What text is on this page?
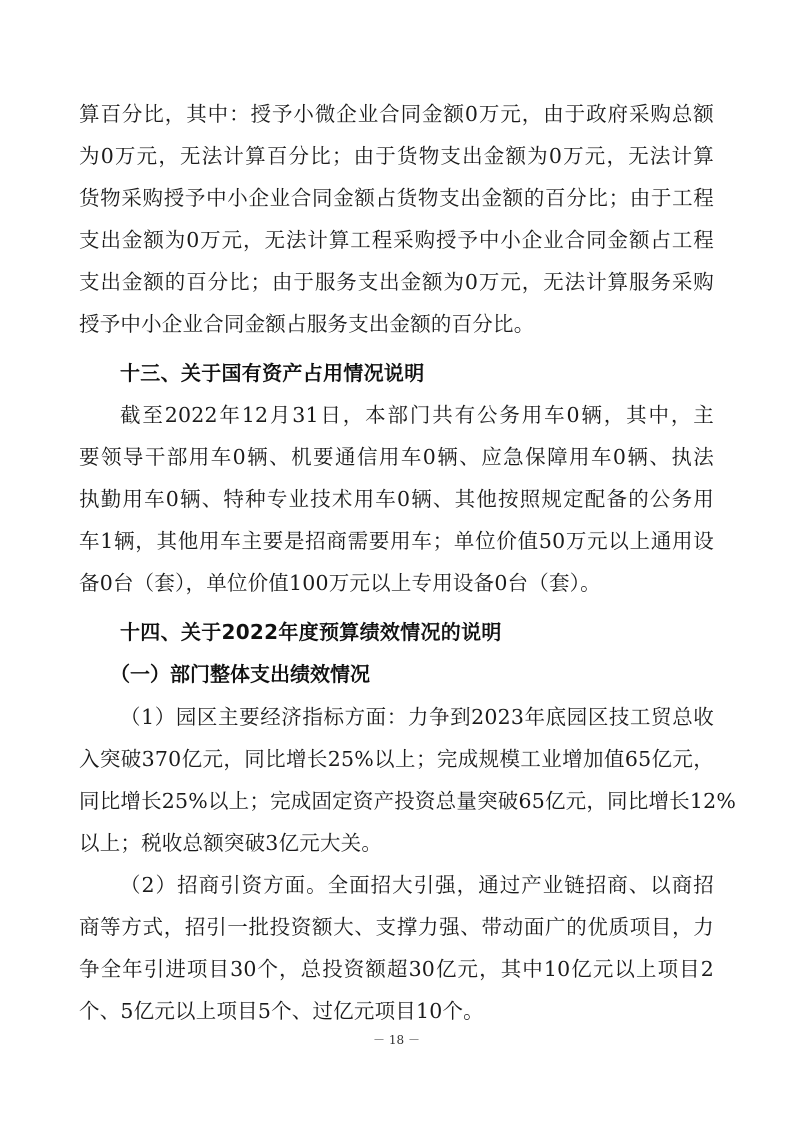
算百分比，其中：授予小微企业合同金额0万元，由于政府采购总额
为0万元，无法计算百分比；由于货物支出金额为0万元，无法计算
货物采购授予中小企业合同金额占货物支出金额的百分比；由于工程
支出金额为0万元，无法计算工程采购授予中小企业合同金额占工程
支出金额的百分比；由于服务支出金额为0万元，无法计算服务采购
授予中小企业合同金额占服务支出金额的百分比。
十三、关于国有资产占用情况说明
截至2022年12月31日，本部门共有公务用车0辆，其中，主
要领导干部用车0辆、机要通信用车0辆、应急保障用车0辆、执法
执勤用车0辆、特种专业技术用车0辆、其他按照规定配备的公务用
车1辆，其他用车主要是招商需要用车；单位价值50万元以上通用设
备0台（套），单位价值100万元以上专用设备0台（套）。
十四、关于2022年度预算绩效情况的说明
（一）部门整体支出绩效情况
（1）园区主要经济指标方面：力争到2023年底园区技工贸总收
入突破370亿元，同比增长25%以上；完成规模工业增加值65亿元，
同比增长25%以上；完成固定资产投资总量突破65亿元，同比增长12%
以上；税收总额突破3亿元大关。
（2）招商引资方面。全面招大引强，通过产业链招商、以商招
商等方式，招引一批投资额大、支撑力强、带动面广的优质项目，力
争全年引进项目30个，总投资额超30亿元，其中10亿元以上项目2
个、5亿元以上项目5个、过亿元项目10个。
－ 18 －
